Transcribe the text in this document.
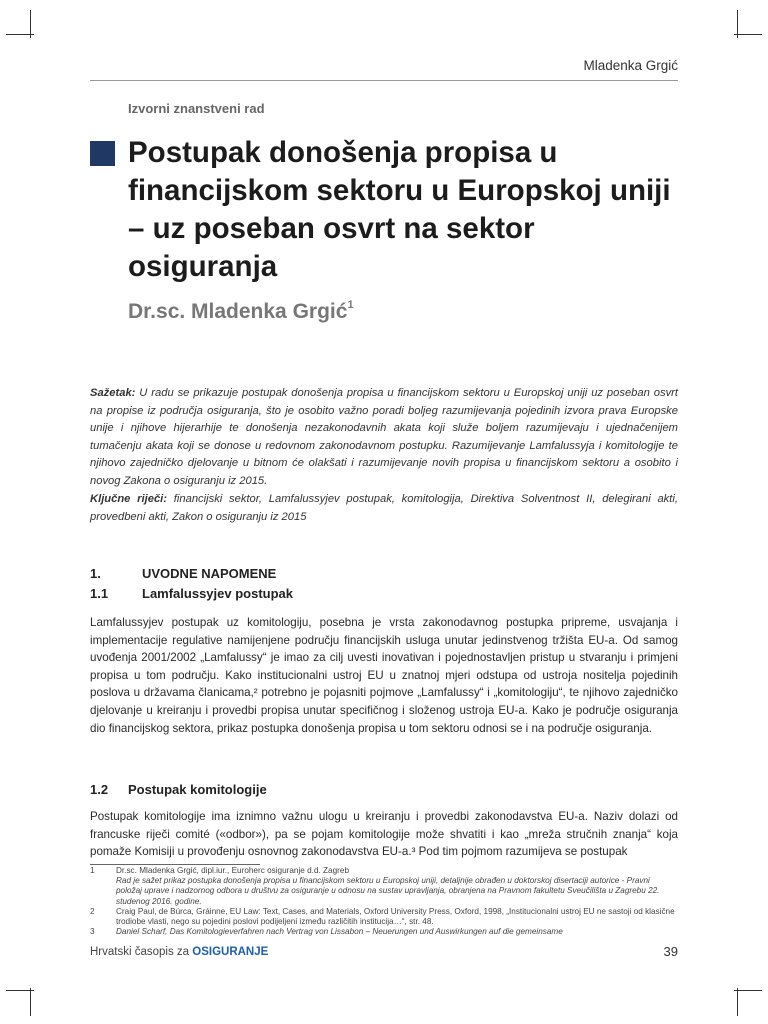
Mladenka Grgić
Izvorni znanstveni rad
Postupak donošenja propisa u financijskom sektoru u Europskoj uniji – uz poseban osvrt na sektor osiguranja
Dr.sc. Mladenka Grgić$^1$

Sažetak: U radu se prikazuje postupak donošenja propisa u financijskom sektoru u Europskoj uniji uz poseban osvrt na propise iz područja osiguranja, što je osobito važno poradi boljeg razumijevanja pojedinih izvora prava Europske unije i njihove hijerarhije te donošenja nezakonodavnih akata koji služe boljem razumijevaju i ujednačenijem tumačenju akata koji se donose u redovnom zakonodavnom postupku. Razumijevanje Lamfalussyja i komitologije te njihovo zajedničko djelovanje u bitnom će olakšati i razumijevanje novih propisa u financijskom sektoru a osobito i novog Zakona o osiguranju iz 2015.

Ključne riječi: financijski sektor, Lamfalussyjev postupak, komitologija, Direktiva Solventnost II, delegirani akti, provedbeni akti, Zakon o osiguranju iz 2015

1.	UVODNE NAPOMENE
1.1	Lamfalussyjev postupak

Lamfalussyjev postupak uz komitologiju, posebna je vrsta zakonodavnog postupka pripreme, usvajanja i implementacije regulative namijenjene području financijskih usluga unutar jedinstvenog tržišta EU-a. Od samog uvođenja 2001/2002 „Lamfalussy“ je imao za cilj uvesti inovativan i pojednostavljen pristup u stvaranju i primjeni propisa u tom području. Kako institucionalni ustroj EU u znatnoj mjeri odstupa od ustroja nositelja pojedinih poslova u državama članicama,² potrebno je pojasniti pojmove „Lamfalussy“ i „komitologiju“, te njihovo zajedničko djelovanje u kreiranju i provedbi propisa unutar specifičnog i složenog ustroja EU-a. Kako je područje osiguranja dio financijskog sektora, prikaz postupka donošenja propisa u tom sektoru odnosi se i na područje osiguranja.

1.2 Postupak komitologije

Postupak komitologije ima iznimno važnu ulogu u kreiranju i provedbi zakonodavstva EU-a. Naziv dolazi od francuske riječi comité («odbor»), pa se pojam komitologije može shvatiti i kao „mreža stručnih znanja“ koja pomaže Komisiji u provođenju osnovnog zakonodavstva EU-a.³ Pod tim pojmom razumijeva se postupak

1	Dr.sc. Mladenka Grgić, dipl.iur., Euroherc osiguranje d.d. Zagreb
Rad je sažet prikaz postupka donošenja propisa u financijskom sektoru u Europskoj uniji, detaljnije obrađen u doktorskoj disertaciji autorice - Pravni položaj uprave i nadzornog odbora u društvu za osiguranje u odnosu na sustav upravljanja, obranjena na Pravnom fakultetu Sveučilišta u Zagrebu 22. studenog 2016. godine.
2	Craig Paul, de Búrca, Gráinne, EU Law: Text, Cases, and Materials, Oxford University Press, Oxford, 1998, „Institucionalni ustroj EU ne sastoji od klasične trodiobe vlasti, nego su pojedini poslovi podijeljeni između različitih institucija…“, str. 48.
3	Daniel Scharf, Das Komitologieverfahren nach Vertrag von Lissabon – Neuerungen und Auswirkungen auf die gemeinsame
Hrvatski časopis za OSIGURANJE	39
